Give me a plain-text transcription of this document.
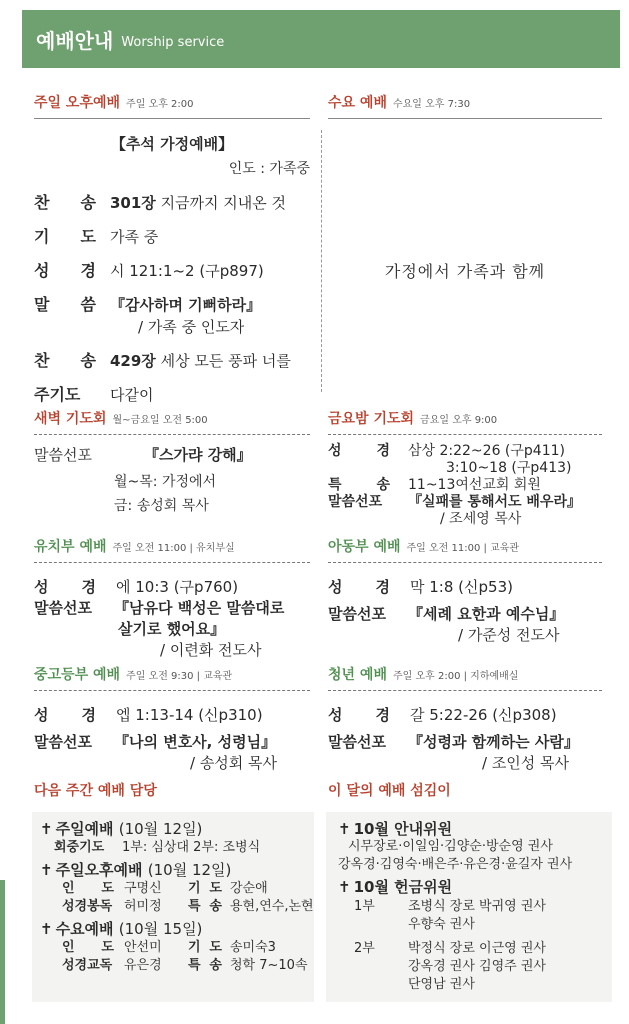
예배안내 Worship service
주일 오후예배 주일 오후 2:00
【추석 가정예배】
인도 : 가족중
찬 송 301장 지금까지 지내온 것
기 도 가족 중
성 경 시 121:1~2 (구p897)
말 씀 『감사하며 기뻐하라』
/ 가족 중 인도자
찬 송 429장 세상 모든 풍파 너를
주기도	다같이
수요 예배 수요일 오후 7:30
가정에서 가족과 함께
새벽 기도회 월~금요일 오전 5:00
말씀선포	『스가랴 강해』
월~목: 가정에서
금: 송성회 목사
금요밤 기도회 금요일 오후 9:00
성 경 삼상 2:22~26 (구p411)
3:10~18 (구p413)
특 송 11~13여선교회 회원
말씀선포	『실패를 통해서도 배우라』
/ 조세영 목사
유치부 예배 주일 오전 11:00 | 유치부실
성 경 에 10:3 (구p760)
말씀선포	『남유다 백성은 말씀대로
살기로 했어요』
/ 이련화 전도사
아동부 예배 주일 오전 11:00 | 교육관
성 경 막 1:8 (신p53)
말씀선포	『세례 요한과 예수님』
/ 가준성 전도사
중고등부 예배 주일 오전 9:30 | 교육관
성 경 엡 1:13-14 (신p310)
말씀선포	『나의 변호사, 성령님』
/ 송성회 목사
청년 예배 주일 오후 2:00 | 지하예배실
성 경 갈 5:22-26 (신p308)
말씀선포	『성령과 함께하는 사람』
/ 조인성 목사
다음 주간 예배 담당
✝ 주일예배 (10월 12일)
회중기도	1부: 심상대 2부: 조병식
✝ 주일오후예배 (10월 12일)
인 도 구명신	기 도 강순애
성경봉독 허미정	특 송 용현,연수,논현
✝ 수요예배 (10월 15일)
인 도 안선미	기 도 송미숙3
성경교독 유은경	특 송 청학 7~10속
이 달의 예배 섬김이
✝ 10월 안내위원
시무장로·이일임·김양순·방순영 권사
강옥경·김영숙·배은주·유은경·윤길자 권사
✝ 10월 헌금위원
1부	조병식 장로 박귀영 권사
우향숙 권사
2부	박정식 장로 이근영 권사
강옥경 권사 김영주 권사
단영남 권사
